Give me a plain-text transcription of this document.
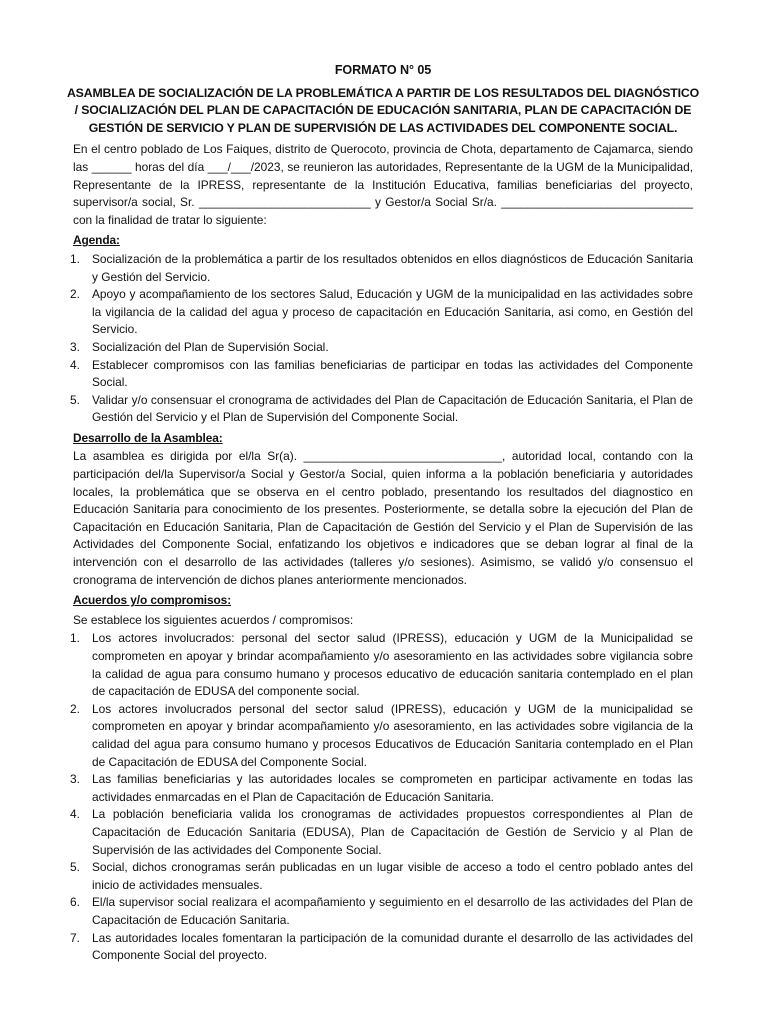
FORMATO N° 05
ASAMBLEA DE SOCIALIZACIÓN DE LA PROBLEMÁTICA A PARTIR DE LOS RESULTADOS DEL DIAGNÓSTICO / SOCIALIZACIÓN DEL PLAN DE CAPACITACIÓN DE EDUCACIÓN SANITARIA, PLAN DE CAPACITACIÓN DE GESTIÓN DE SERVICIO Y PLAN DE SUPERVISIÓN DE LAS ACTIVIDADES DEL COMPONENTE SOCIAL.

En el centro poblado de Los Faiques, distrito de Querocoto, provincia de Chota, departamento de Cajamarca, siendo las ______ horas del día ___/___/2023, se reunieron las autoridades, Representante de la UGM de la Municipalidad, Representante de la IPRESS, representante de la Institución Educativa, familias beneficiarias del proyecto, supervisor/a social, Sr. __________________________ y Gestor/a Social Sr/a. _____________________________ con la finalidad de tratar lo siguiente:

Agenda:
1. Socialización de la problemática a partir de los resultados obtenidos en ellos diagnósticos de Educación Sanitaria y Gestión del Servicio.
2. Apoyo y acompañamiento de los sectores Salud, Educación y UGM de la municipalidad en las actividades sobre la vigilancia de la calidad del agua y proceso de capacitación en Educación Sanitaria, asi como, en Gestión del Servicio.
3. Socialización del Plan de Supervisión Social.
4. Establecer compromisos con las familias beneficiarias de participar en todas las actividades del Componente Social.
5. Validar y/o consensuar el cronograma de actividades del Plan de Capacitación de Educación Sanitaria, el Plan de Gestión del Servicio y el Plan de Supervisión del Componente Social.
Desarrollo de la Asamblea:

La asamblea es dirigida por el/la Sr(a). ______________________________, autoridad local, contando con la participación del/la Supervisor/a Social y Gestor/a Social, quien informa a la población beneficiaria y autoridades locales, la problemática que se observa en el centro poblado, presentando los resultados del diagnostico en Educación Sanitaria para conocimiento de los presentes. Posteriormente, se detalla sobre la ejecución del Plan de Capacitación en Educación Sanitaria, Plan de Capacitación de Gestión del Servicio y el Plan de Supervisión de las Actividades del Componente Social, enfatizando los objetivos e indicadores que se deban lograr al final de la intervención con el desarrollo de las actividades (talleres y/o sesiones). Asimismo, se validó y/o consensuo el cronograma de intervención de dichos planes anteriormente mencionados.

Acuerdos y/o compromisos:

Se establece los siguientes acuerdos / compromisos:

1. Los actores involucrados: personal del sector salud (IPRESS), educación y UGM de la Municipalidad se comprometen en apoyar y brindar acompañamiento y/o asesoramiento en las actividades sobre vigilancia sobre la calidad de agua para consumo humano y procesos educativo de educación sanitaria contemplado en el plan de capacitación de EDUSA del componente social.
2. Los actores involucrados personal del sector salud (IPRESS), educación y UGM de la municipalidad se comprometen en apoyar y brindar acompañamiento y/o asesoramiento, en las actividades sobre vigilancia de la calidad del agua para consumo humano y procesos Educativos de Educación Sanitaria contemplado en el Plan de Capacitación de EDUSA del Componente Social.
3. Las familias beneficiarias y las autoridades locales se comprometen en participar activamente en todas las actividades enmarcadas en el Plan de Capacitación de Educación Sanitaria.
4. La población beneficiaria valida los cronogramas de actividades propuestos correspondientes al Plan de Capacitación de Educación Sanitaria (EDUSA), Plan de Capacitación de Gestión de Servicio y al Plan de Supervisión de las actividades del Componente Social.
5. Social, dichos cronogramas serán publicadas en un lugar visible de acceso a todo el centro poblado antes del inicio de actividades mensuales.
6. El/la supervisor social realizara el acompañamiento y seguimiento en el desarrollo de las actividades del Plan de Capacitación de Educación Sanitaria.
7. Las autoridades locales fomentaran la participación de la comunidad durante el desarrollo de las actividades del Componente Social del proyecto.
